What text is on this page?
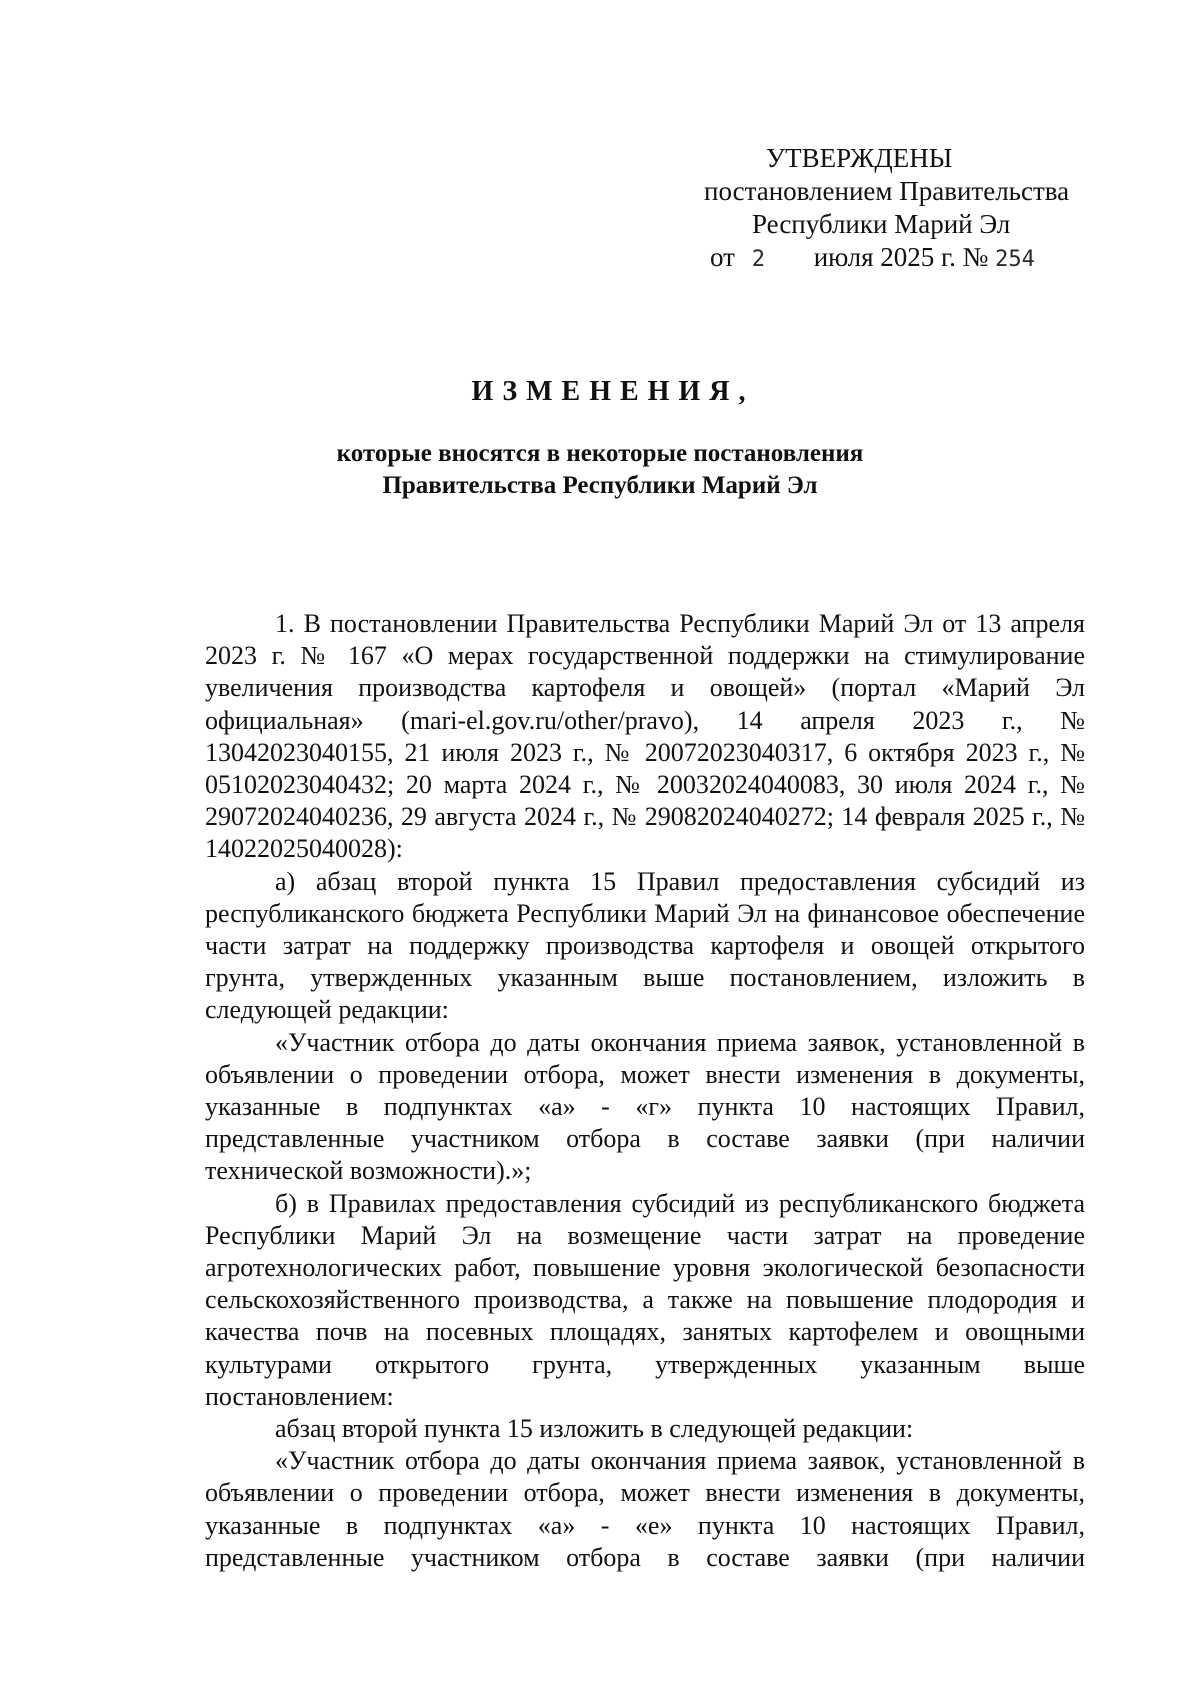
УТВЕРЖДЕНЫ
постановлением Правительства
Республики Марий Эл
от 2 июля 2025 г. № 254
ИЗМЕНЕНИЯ,
которые вносятся в некоторые постановления
Правительства Республики Марий Эл

1. В постановлении Правительства Республики Марий Эл от 13 апреля 2023 г. № 167 «О мерах государственной поддержки на стимулирование увеличения производства картофеля и овощей» (портал «Марий Эл официальная» (mari-el.gov.ru/other/pravo), 14 апреля 2023 г., № 13042023040155, 21 июля 2023 г., № 20072023040317, 6 октября 2023 г., № 05102023040432; 20 марта 2024 г., № 20032024040083, 30 июля 2024 г., № 29072024040236, 29 августа 2024 г., № 29082024040272; 14 февраля 2025 г., № 14022025040028):

а) абзац второй пункта 15 Правил предоставления субсидий из республиканского бюджета Республики Марий Эл на финансовое обеспечение части затрат на поддержку производства картофеля и овощей открытого грунта, утвержденных указанным выше постановлением, изложить в следующей редакции:

«Участник отбора до даты окончания приема заявок, установленной в объявлении о проведении отбора, может внести изменения в документы, указанные в подпунктах «а» - «г» пункта 10 настоящих Правил, представленные участником отбора в составе заявки (при наличии технической возможности).»;

б) в Правилах предоставления субсидий из республиканского бюджета Республики Марий Эл на возмещение части затрат на проведение агротехнологических работ, повышение уровня экологической безопасности сельскохозяйственного производства, а также на повышение плодородия и качества почв на посевных площадях, занятых картофелем и овощными культурами открытого грунта, утвержденных указанным выше постановлением:

абзац второй пункта 15 изложить в следующей редакции:

«Участник отбора до даты окончания приема заявок, установленной в объявлении о проведении отбора, может внести изменения в документы, указанные в подпунктах «а» - «е» пункта 10 настоящих Правил, представленные участником отбора в составе заявки (при наличии
